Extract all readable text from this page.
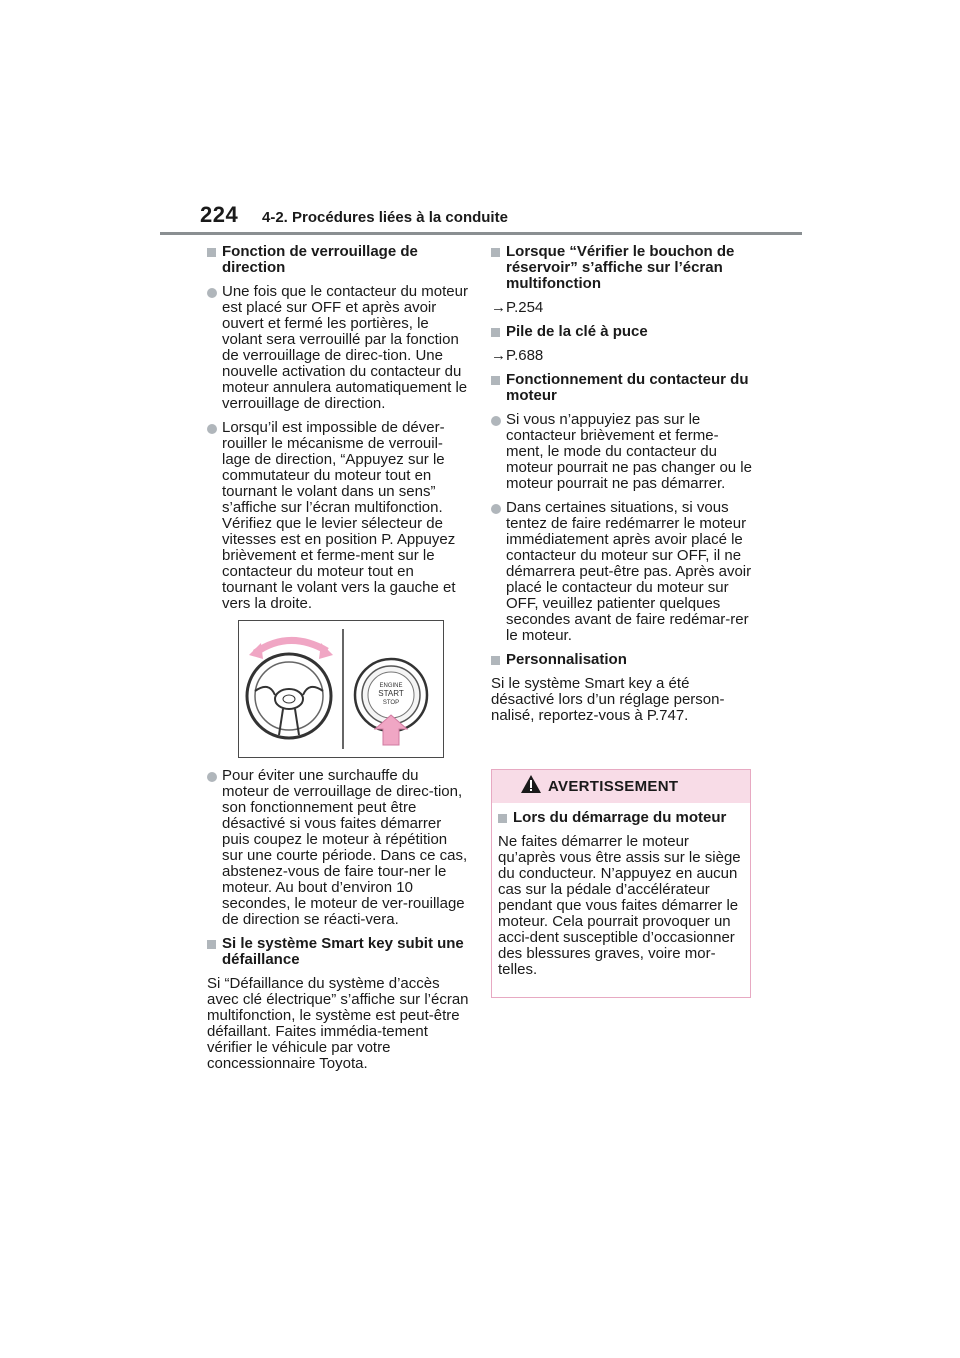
224 4-2. Procédures liées à la conduite
Fonction de verrouillage de direction
Une fois que le contacteur du moteur est placé sur OFF et après avoir ouvert et fermé les portières, le volant sera verrouillé par la fonction de verrouillage de direc-tion. Une nouvelle activation du contacteur du moteur annulera automatiquement le verrouillage de direction.
Lorsqu’il est impossible de déver-rouiller le mécanisme de verrouil-lage de direction, “Appuyez sur le commutateur du moteur tout en tournant le volant dans un sens” s’affiche sur l’écran multifonction. Vérifiez que le levier sélecteur de vitesses est en position P. Appuyez brièvement et ferme-ment sur le contacteur du moteur tout en tournant le volant vers la gauche et vers la droite.
ENGINE
START
STOP
Pour éviter une surchauffe du moteur de verrouillage de direc-tion, son fonctionnement peut être désactivé si vous faites démarrer puis coupez le moteur à répétition sur une courte période. Dans ce cas, abstenez-vous de faire tour-ner le moteur. Au bout d’environ 10 secondes, le moteur de ver-rouillage de direction se réacti-vera.
Si le système Smart key subit une défaillance
Si “Défaillance du système d’accès avec clé électrique” s’affiche sur l’écran multifonction, le système est peut-être défaillant. Faites immédia-tement vérifier le véhicule par votre concessionnaire Toyota.
Lorsque “Vérifier le bouchon de réservoir” s’affiche sur l’écran multifonction
→P.254
Pile de la clé à puce
→P.688
Fonctionnement du contacteur du moteur
Si vous n’appuyiez pas sur le contacteur brièvement et ferme-ment, le mode du contacteur du moteur pourrait ne pas changer ou le moteur pourrait ne pas démarrer.
Dans certaines situations, si vous tentez de faire redémarrer le moteur immédiatement après avoir placé le contacteur du moteur sur OFF, il ne démarrera peut-être pas. Après avoir placé le contacteur du moteur sur OFF, veuillez patienter quelques secondes avant de faire redémar-rer le moteur.
Personnalisation
Si le système Smart key a été désactivé lors d’un réglage person-nalisé, reportez-vous à P.747.
AVERTISSEMENT
Lors du démarrage du moteur
Ne faites démarrer le moteur qu’après vous être assis sur le siège du conducteur. N’appuyez en aucun cas sur la pédale d’accélérateur pendant que vous faites démarrer le moteur. Cela pourrait provoquer un acci-dent susceptible d’occasionner des blessures graves, voire mor-telles.
